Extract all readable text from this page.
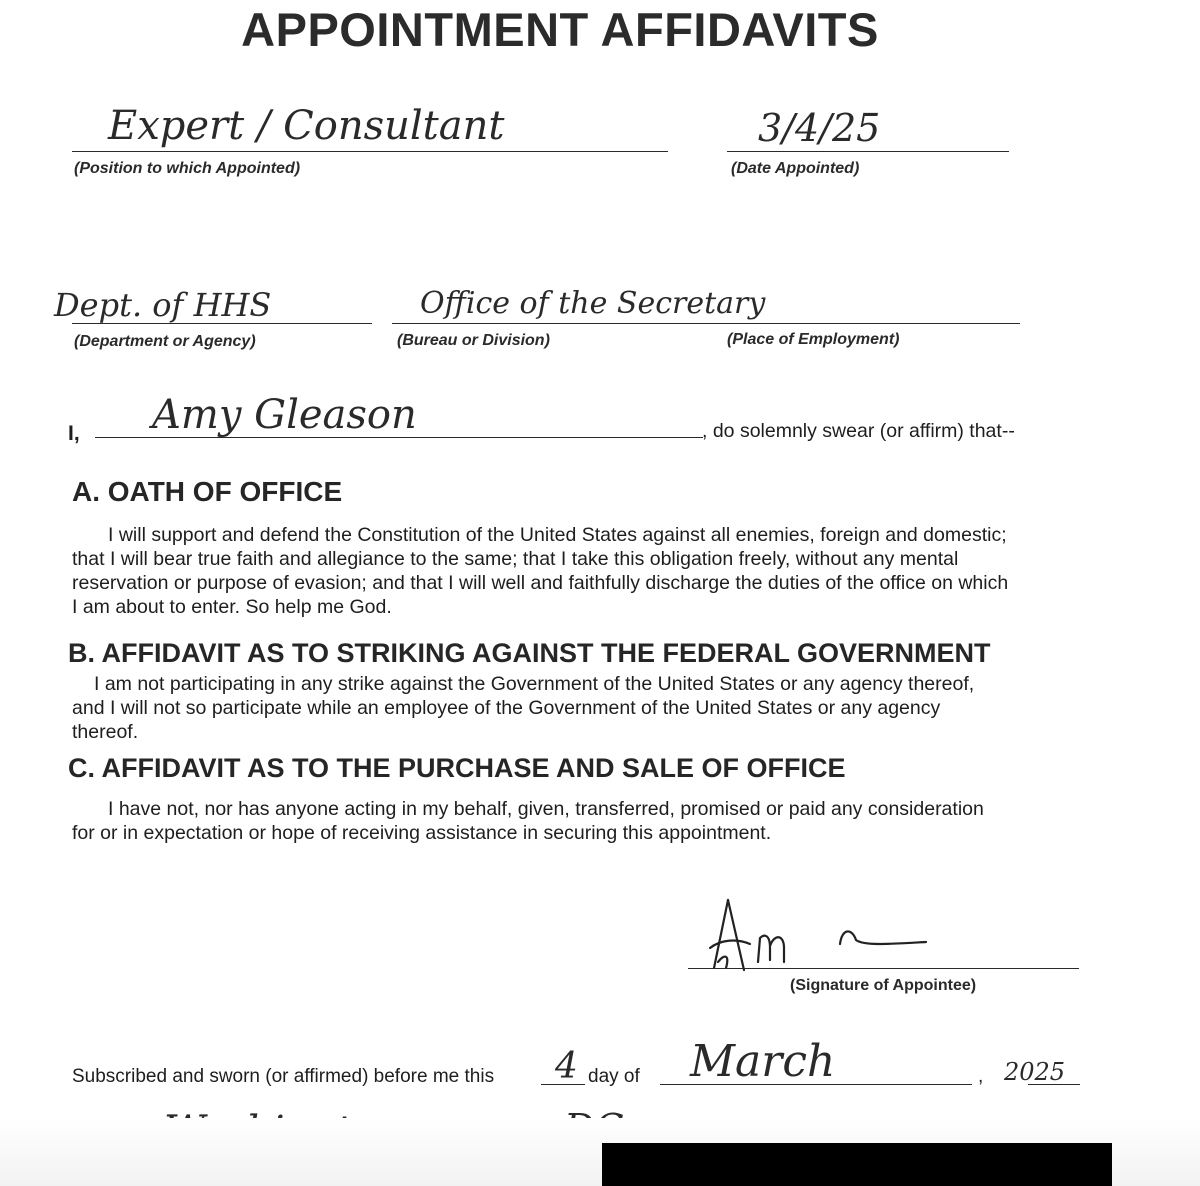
APPOINTMENT AFFIDAVITS
Expert / Consultant
(Position to which Appointed)
3/4/25
(Date Appointed)
Dept. of HHS
(Department or Agency)
Office of the Secretary
(Bureau or Division)	(Place of Employment)
I, Amy Gleason	, do solemnly swear (or affirm) that--
A. OATH OF OFFICE

I will support and defend the Constitution of the United States against all enemies, foreign and domestic;

that I will bear true faith and allegiance to the same; that I take this obligation freely, without any mental

reservation or purpose of evasion; and that I will well and faithfully discharge the duties of the office on which

I am about to enter. So help me God.

B. AFFIDAVIT AS TO STRIKING AGAINST THE FEDERAL GOVERNMENT

I am not participating in any strike against the Government of the United States or any agency thereof,

and I will not so participate while an employee of the Government of the United States or any agency

thereof.

C. AFFIDAVIT AS TO THE PURCHASE AND SALE OF OFFICE

I have not, nor has anyone acting in my behalf, given, transferred, promised or paid any consideration

for or in expectation or hope of receiving assistance in securing this appointment.

(Signature of Appointee)
Subscribed and sworn (or affirmed) before me this 4 day of March	, 2025
